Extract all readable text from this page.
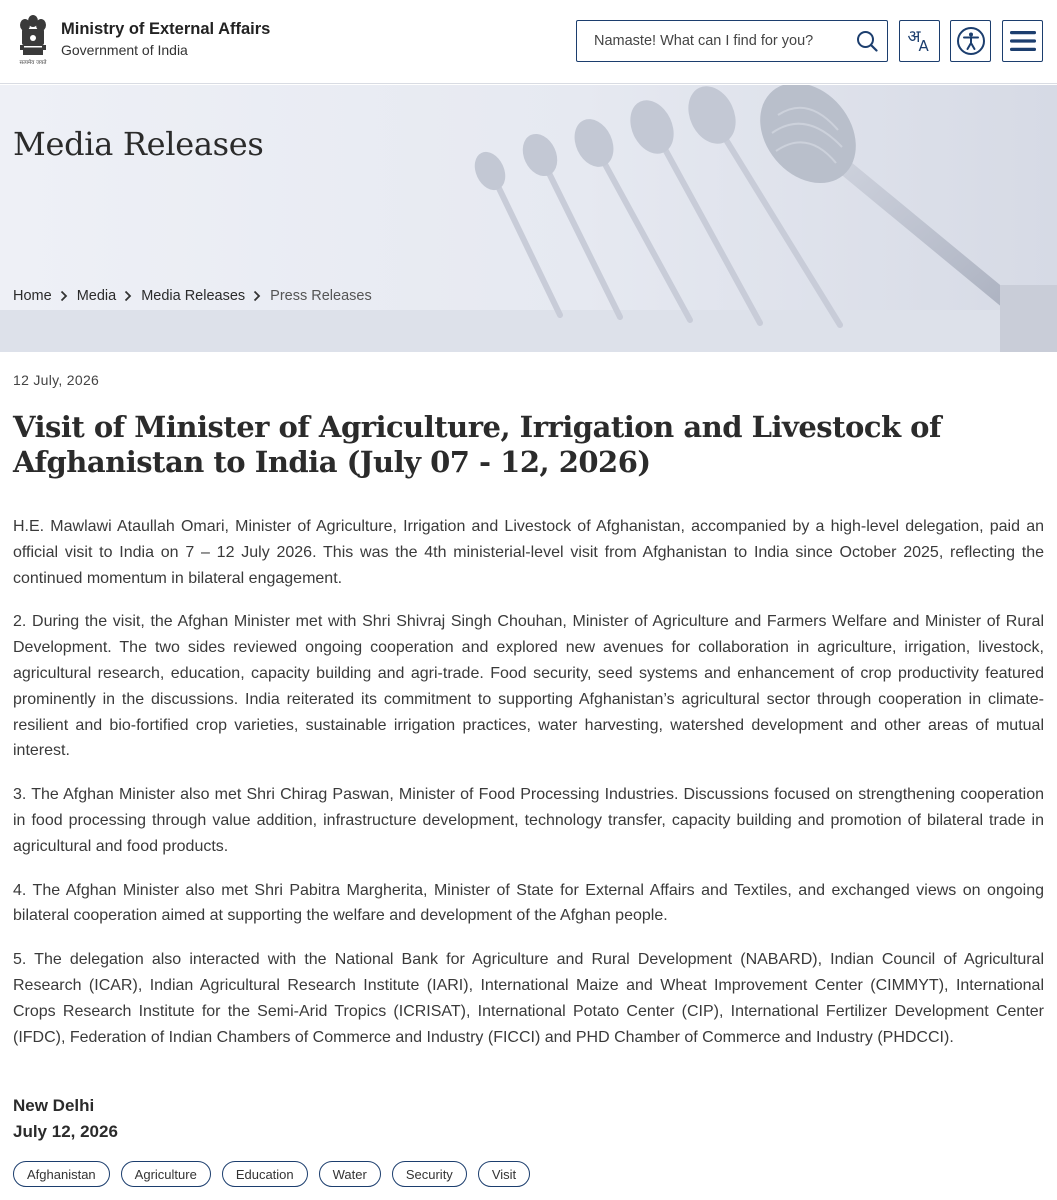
सत्यमेव जयते
Ministry of External Affairs
Government of India
Namaste! What can I find for you?
अ
A
Media Releases
Home Media Media Releases Press Releases
12 July, 2026
Visit of Minister of Agriculture, Irrigation and Livestock of Afghanistan to India (July 07 - 12, 2026)

H.E. Mawlawi Ataullah Omari, Minister of Agriculture, Irrigation and Livestock of Afghanistan, accompanied by a high-level delegation, paid an official visit to India on 7 – 12 July 2026. This was the 4th ministerial-level visit from Afghanistan to India since October 2025, reflecting the continued momentum in bilateral engagement.

2. During the visit, the Afghan Minister met with Shri Shivraj Singh Chouhan, Minister of Agriculture and Farmers Welfare and Minister of Rural Development. The two sides reviewed ongoing cooperation and explored new avenues for collaboration in agriculture, irrigation, livestock, agricultural research, education, capacity building and agri-trade. Food security, seed systems and enhancement of crop productivity featured prominently in the discussions. India reiterated its commitment to supporting Afghanistan’s agricultural sector through cooperation in climate-resilient and bio-fortified crop varieties, sustainable irrigation practices, water harvesting, watershed development and other areas of mutual interest.

3. The Afghan Minister also met Shri Chirag Paswan, Minister of Food Processing Industries. Discussions focused on strengthening cooperation in food processing through value addition, infrastructure development, technology transfer, capacity building and promotion of bilateral trade in agricultural and food products.

4. The Afghan Minister also met Shri Pabitra Margherita, Minister of State for External Affairs and Textiles, and exchanged views on ongoing bilateral cooperation aimed at supporting the welfare and development of the Afghan people.

5. The delegation also interacted with the National Bank for Agriculture and Rural Development (NABARD), Indian Council of Agricultural Research (ICAR), Indian Agricultural Research Institute (IARI), International Maize and Wheat Improvement Center (CIMMYT), International Crops Research Institute for the Semi-Arid Tropics (ICRISAT), International Potato Center (CIP), International Fertilizer Development Center (IFDC), Federation of Indian Chambers of Commerce and Industry (FICCI) and PHD Chamber of Commerce and Industry (PHDCCI).

New Delhi
July 12, 2026
Afghanistan	Agriculture	Education	Water	Security	Visit
